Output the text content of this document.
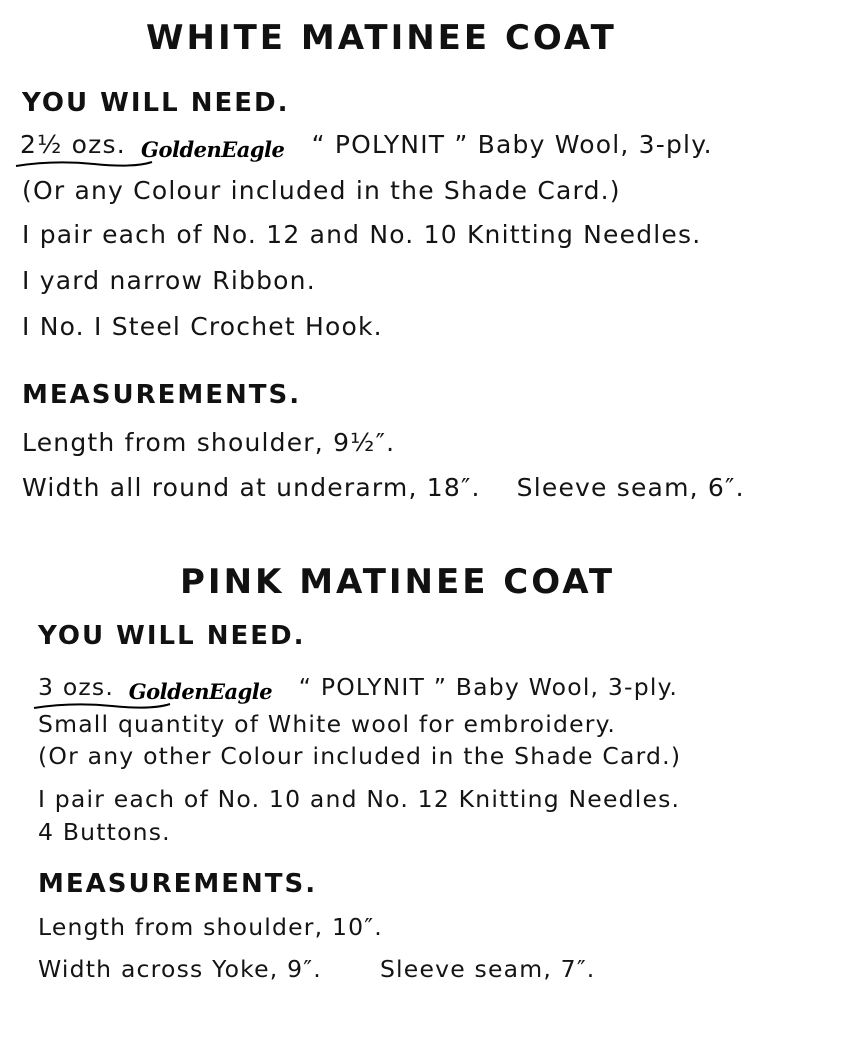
WHITE MATINEE COAT
YOU WILL NEED.
2½ ozs. GoldenEagle “ POLYNIT ” Baby Wool, 3-ply.
(Or any Colour included in the Shade Card.)
I pair each of No. 12 and No. 10 Knitting Needles.
I yard narrow Ribbon.
I No. I Steel Crochet Hook.
MEASUREMENTS.
Length from shoulder, 9½″.
Width all round at underarm, 18″. Sleeve seam, 6″.
PINK MATINEE COAT
YOU WILL NEED.
3 ozs. GoldenEagle “ POLYNIT ” Baby Wool, 3-ply.
Small quantity of White wool for embroidery.
(Or any other Colour included in the Shade Card.)
I pair each of No. 10 and No. 12 Knitting Needles.
4 Buttons.
MEASUREMENTS.
Length from shoulder, 10″.
Width across Yoke, 9″. Sleeve seam, 7″.
